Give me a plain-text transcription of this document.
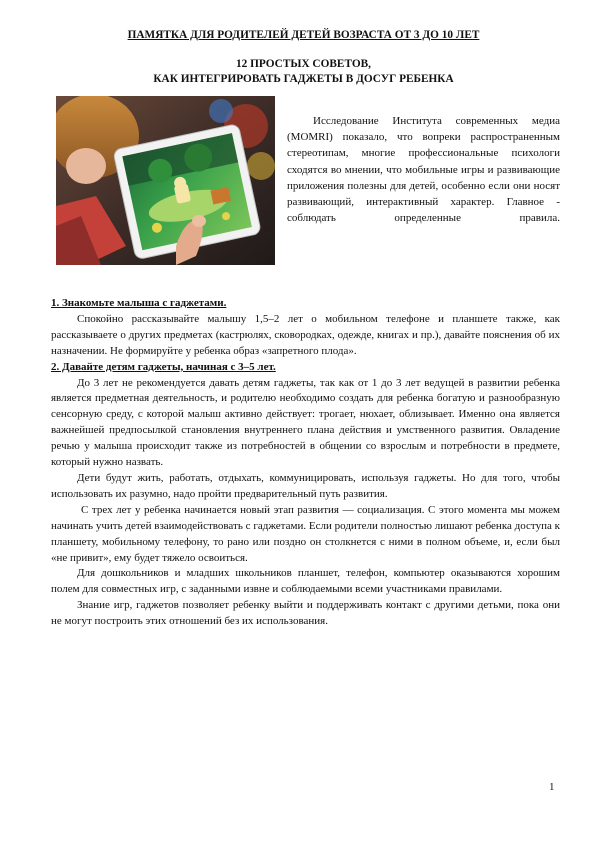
ПАМЯТКА ДЛЯ РОДИТЕЛЕЙ ДЕТЕЙ ВОЗРАСТА ОТ 3 ДО 10 ЛЕТ
12 ПРОСТЫХ СОВЕТОВ,
КАК ИНТЕГРИРОВАТЬ ГАДЖЕТЫ В ДОСУГ РЕБЕНКА

Исследование Института современных медиа (MOMRI) показало, что вопреки распространенным стереотипам, многие профессиональные психологи сходятся во мнении, что мобильные игры и развивающие приложения полезны для детей, особенно если они носят развивающий, интерактивный характер. Главное - соблюдать определенные правила.

1. Знакомьте малыша с гаджетами.

Спокойно рассказывайте малышу 1,5–2 лет о мобильном телефоне и планшете также, как рассказываете о других предметах (кастрюлях, сковородках, одежде, книгах и пр.), давайте пояснения об их назначении. Не формируйте у ребенка образ «запретного плода».

2. Давайте детям гаджеты, начиная с 3–5 лет.

До 3 лет не рекомендуется давать детям гаджеты, так как от 1 до 3 лет ведущей в развитии ребенка является предметная деятельность, и родителю необходимо создать для ребенка богатую и разнообразную сенсорную среду, с которой малыш активно действует: трогает, нюхает, облизывает. Именно она является важнейшей предпосылкой становления внутреннего плана действия и умственного развития. Овладение речью у малыша происходит также из потребностей в общении со взрослым и потребности в предмете, который нужно назвать.

Дети будут жить, работать, отдыхать, коммуницировать, используя гаджеты. Но для того, чтобы использовать их разумно, надо пройти предварительный путь развития.

С трех лет у ребенка начинается новый этап развития — социализация. С этого момента мы можем начинать учить детей взаимодействовать с гаджетами. Если родители полностью лишают ребенка доступа к планшету, мобильному телефону, то рано или поздно он столкнется с ними в полном объеме, и, если был «не привит», ему будет тяжело освоиться.

Для дошкольников и младших школьников планшет, телефон, компьютер оказываются хорошим полем для совместных игр, с заданными извне и соблюдаемыми всеми участниками правилами.

Знание игр, гаджетов позволяет ребенку выйти и поддерживать контакт с другими детьми, пока они не могут построить этих отношений без их использования.

1
